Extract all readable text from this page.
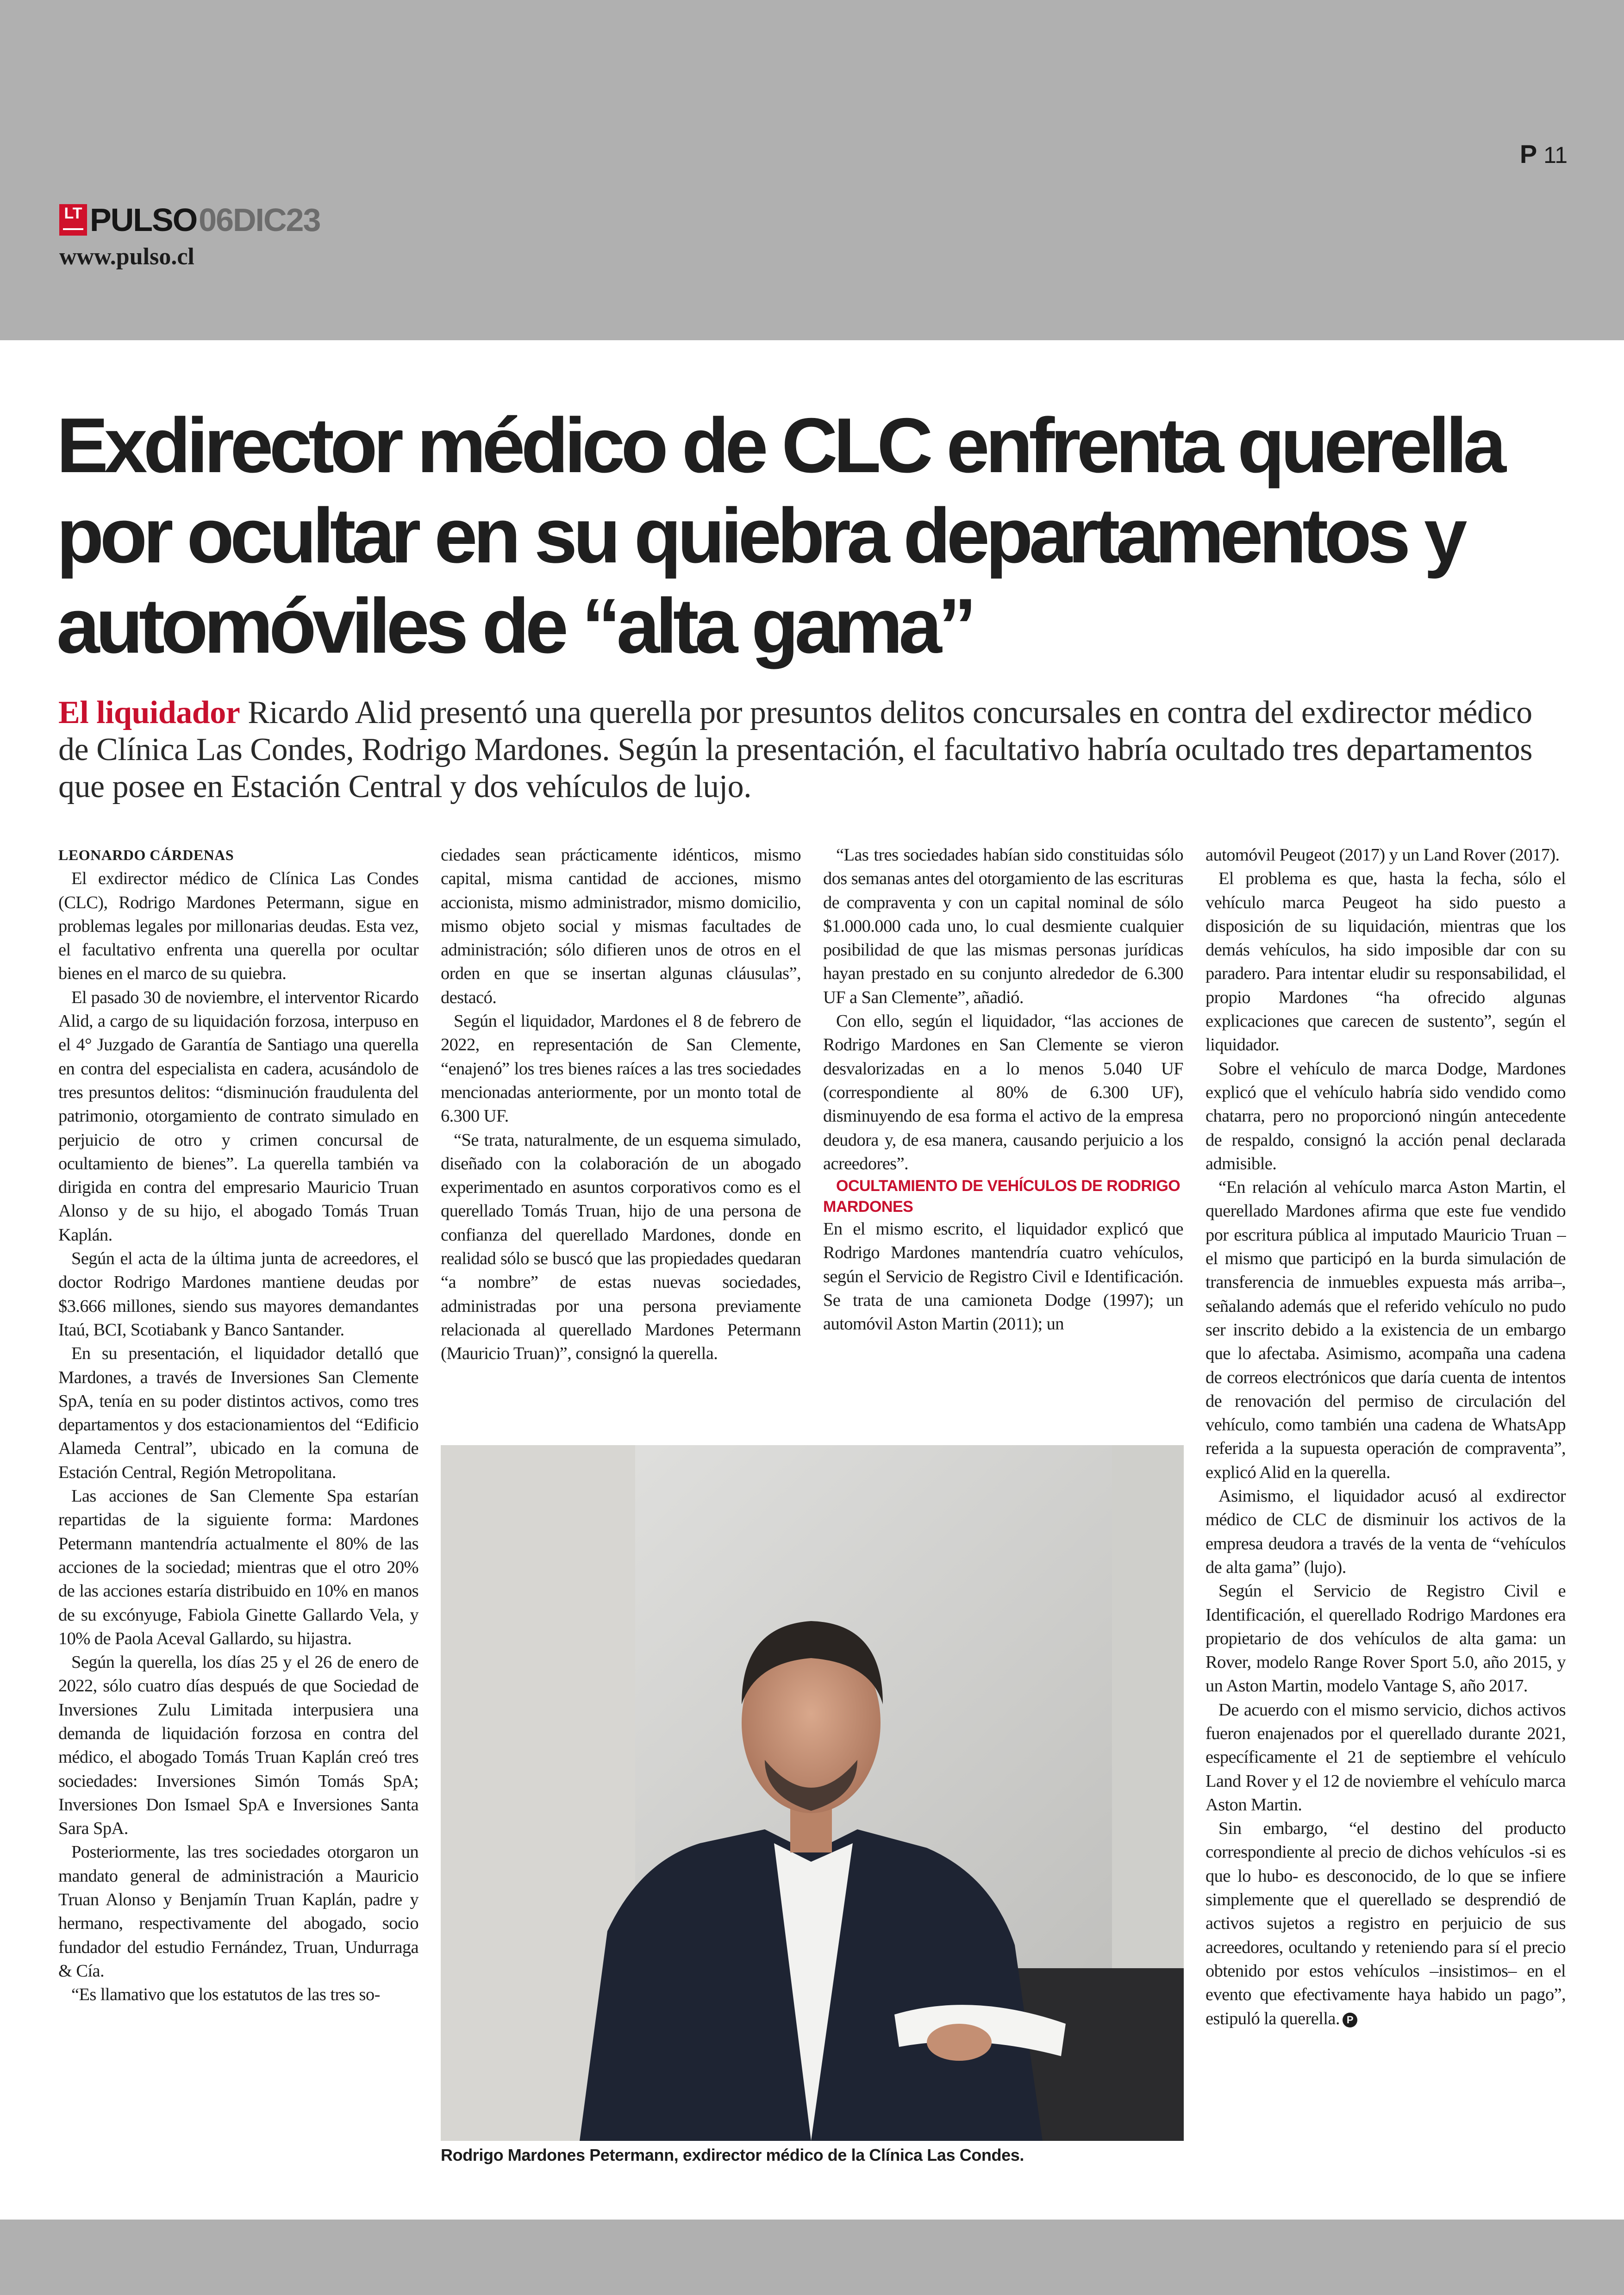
P 11
LT PULSO 06DIC23
www.pulso.cl
Exdirector médico de CLC enfrenta querella por ocultar en su quiebra departamentos y automóviles de “alta gama”

El liquidador Ricardo Alid presentó una querella por presuntos delitos concursales en contra del exdirector médico de Clínica Las Condes, Rodrigo Mardones. Según la presentación, el facultativo habría ocultado tres departamentos que posee en Estación Central y dos vehículos de lujo.

LEONARDO CÁRDENAS

El exdirector médico de Clínica Las Condes (CLC), Rodrigo Mardones Petermann, sigue en problemas legales por millonarias deudas. Esta vez, el facultativo enfrenta una querella por ocultar bienes en el marco de su quiebra.

El pasado 30 de noviembre, el interventor Ricardo Alid, a cargo de su liquidación forzosa, interpuso en el 4° Juzgado de Garantía de Santiago una querella en contra del especialista en cadera, acusándolo de tres presuntos delitos: “disminución fraudulenta del patrimonio, otorgamiento de contrato simulado en perjuicio de otro y crimen concursal de ocultamiento de bienes”. La querella también va dirigida en contra del empresario Mauricio Truan Alonso y de su hijo, el abogado Tomás Truan Kaplán.

Según el acta de la última junta de acreedores, el doctor Rodrigo Mardones mantiene deudas por $3.666 millones, siendo sus mayores demandantes Itaú, BCI, Scotiabank y Banco Santander.

En su presentación, el liquidador detalló que Mardones, a través de Inversiones San Clemente SpA, tenía en su poder distintos activos, como tres departamentos y dos estacionamientos del “Edificio Alameda Central”, ubicado en la comuna de Estación Central, Región Metropolitana.

Las acciones de San Clemente Spa estarían repartidas de la siguiente forma: Mardones Petermann mantendría actualmente el 80% de las acciones de la sociedad; mientras que el otro 20% de las acciones estaría distribuido en 10% en manos de su excónyuge, Fabiola Ginette Gallardo Vela, y 10% de Paola Aceval Gallardo, su hijastra.

Según la querella, los días 25 y el 26 de enero de 2022, sólo cuatro días después de que Sociedad de Inversiones Zulu Limitada interpusiera una demanda de liquidación forzosa en contra del médico, el abogado Tomás Truan Kaplán creó tres sociedades: Inversiones Simón Tomás SpA; Inversiones Don Ismael SpA e Inversiones Santa Sara SpA.

Posteriormente, las tres sociedades otorgaron un mandato general de administración a Mauricio Truan Alonso y Benjamín Truan Kaplán, padre y hermano, respectivamente del abogado, socio fundador del estudio Fernández, Truan, Undurraga & Cía.

“Es llamativo que los estatutos de las tres so-

ciedades sean prácticamente idénticos, mismo capital, misma cantidad de acciones, mismo accionista, mismo administrador, mismo domicilio, mismo objeto social y mismas facultades de administración; sólo difieren unos de otros en el orden en que se insertan algunas cláusulas”, destacó.

Según el liquidador, Mardones el 8 de febrero de 2022, en representación de San Clemente, “enajenó” los tres bienes raíces a las tres sociedades mencionadas anteriormente, por un monto total de 6.300 UF.

“Se trata, naturalmente, de un esquema simulado, diseñado con la colaboración de un abogado experimentado en asuntos corporativos como es el querellado Tomás Truan, hijo de una persona de confianza del querellado Mardones, donde en realidad sólo se buscó que las propiedades quedaran “a nombre” de estas nuevas sociedades, administradas por una persona previamente relacionada al querellado Mardones Petermann (Mauricio Truan)”, consignó la querella.

“Las tres sociedades habían sido constituidas sólo dos semanas antes del otorgamiento de las escrituras de compraventa y con un capital nominal de sólo $1.000.000 cada uno, lo cual desmiente cualquier posibilidad de que las mismas personas jurídicas hayan prestado en su conjunto alrededor de 6.300 UF a San Clemente”, añadió.

Con ello, según el liquidador, “las acciones de Rodrigo Mardones en San Clemente se vieron desvalorizadas en a lo menos 5.040 UF (correspondiente al 80% de 6.300 UF), disminuyendo de esa forma el activo de la empresa deudora y, de esa manera, causando perjuicio a los acreedores”.

OCULTAMIENTO DE VEHÍCULOS DE RODRIGO MARDONES

En el mismo escrito, el liquidador explicó que Rodrigo Mardones mantendría cuatro vehículos, según el Servicio de Registro Civil e Identificación. Se trata de una camioneta Dodge (1997); un automóvil Aston Martin (2011); un

automóvil Peugeot (2017) y un Land Rover (2017).

El problema es que, hasta la fecha, sólo el vehículo marca Peugeot ha sido puesto a disposición de su liquidación, mientras que los demás vehículos, ha sido imposible dar con su paradero. Para intentar eludir su responsabilidad, el propio Mardones “ha ofrecido algunas explicaciones que carecen de sustento”, según el liquidador.

Sobre el vehículo de marca Dodge, Mardones explicó que el vehículo habría sido vendido como chatarra, pero no proporcionó ningún antecedente de respaldo, consignó la acción penal declarada admisible.

“En relación al vehículo marca Aston Martin, el querellado Mardones afirma que este fue vendido por escritura pública al imputado Mauricio Truan –el mismo que participó en la burda simulación de transferencia de inmuebles expuesta más arriba–, señalando además que el referido vehículo no pudo ser inscrito debido a la existencia de un embargo que lo afectaba. Asimismo, acompaña una cadena de correos electrónicos que daría cuenta de intentos de renovación del permiso de circulación del vehículo, como también una cadena de WhatsApp referida a la supuesta operación de compraventa”, explicó Alid en la querella.

Asimismo, el liquidador acusó al exdirector médico de CLC de disminuir los activos de la empresa deudora a través de la venta de “vehículos de alta gama” (lujo).

Según el Servicio de Registro Civil e Identificación, el querellado Rodrigo Mardones era propietario de dos vehículos de alta gama: un Rover, modelo Range Rover Sport 5.0, año 2015, y un Aston Martin, modelo Vantage S, año 2017.

De acuerdo con el mismo servicio, dichos activos fueron enajenados por el querellado durante 2021, específicamente el 21 de septiembre el vehículo Land Rover y el 12 de noviembre el vehículo marca Aston Martin.

Sin embargo, “el destino del producto correspondiente al precio de dichos vehículos -si es que lo hubo- es desconocido, de lo que se infiere simplemente que el querellado se desprendió de activos sujetos a registro en perjuicio de sus acreedores, ocultando y reteniendo para sí el precio obtenido por estos vehículos –insistimos– en el evento que efectivamente haya habido un pago”, estipuló la querella. P

Rodrigo Mardones Petermann, exdirector médico de la Clínica Las Condes.
